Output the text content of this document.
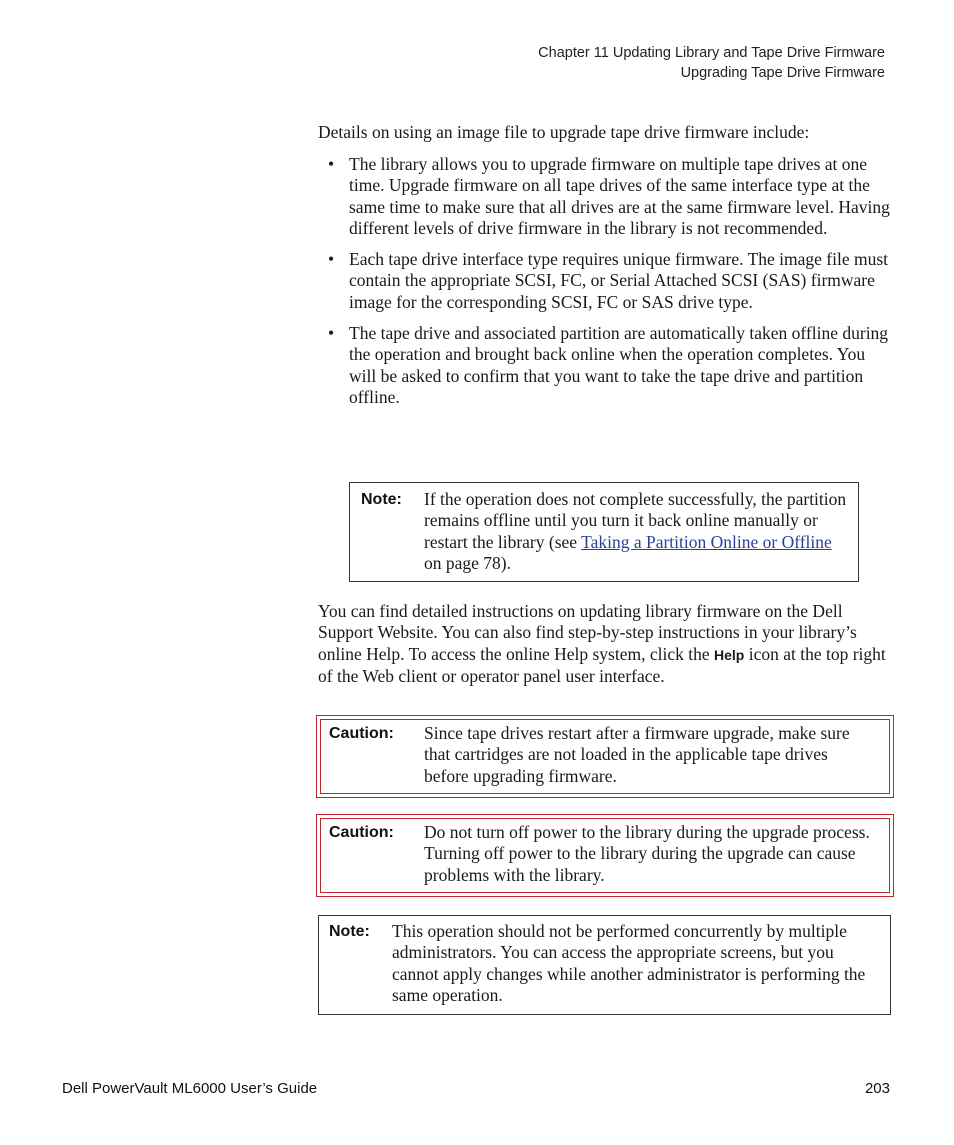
Chapter 11 Updating Library and Tape Drive Firmware
Upgrading Tape Drive Firmware
Details on using an image file to upgrade tape drive firmware include:
• The library allows you to upgrade firmware on multiple tape drives at one time. Upgrade firmware on all tape drives of the same interface type at the same time to make sure that all drives are at the same firmware level. Having different levels of drive firmware in the library is not recommended.
• Each tape drive interface type requires unique firmware. The image file must contain the appropriate SCSI, FC, or Serial Attached SCSI (SAS) firmware image for the corresponding SCSI, FC or SAS drive type.
• The tape drive and associated partition are automatically taken offline during the operation and brought back online when the operation completes. You will be asked to confirm that you want to take the tape drive and partition offline.
Note: If the operation does not complete successfully, the partition remains offline until you turn it back online manually or restart the library (see Taking a Partition Online or Offline on page 78).
You can find detailed instructions on updating library firmware on the Dell Support Website. You can also find step-by-step instructions in your library’s online Help. To access the online Help system, click the Help icon at the top right of the Web client or operator panel user interface.
Caution: Since tape drives restart after a firmware upgrade, make sure that cartridges are not loaded in the applicable tape drives before upgrading firmware.
Caution: Do not turn off power to the library during the upgrade process. Turning off power to the library during the upgrade can cause problems with the library.
Note: This operation should not be performed concurrently by multiple administrators. You can access the appropriate screens, but you cannot apply changes while another administrator is performing the same operation.
Dell PowerVault ML6000 User’s Guide	203
